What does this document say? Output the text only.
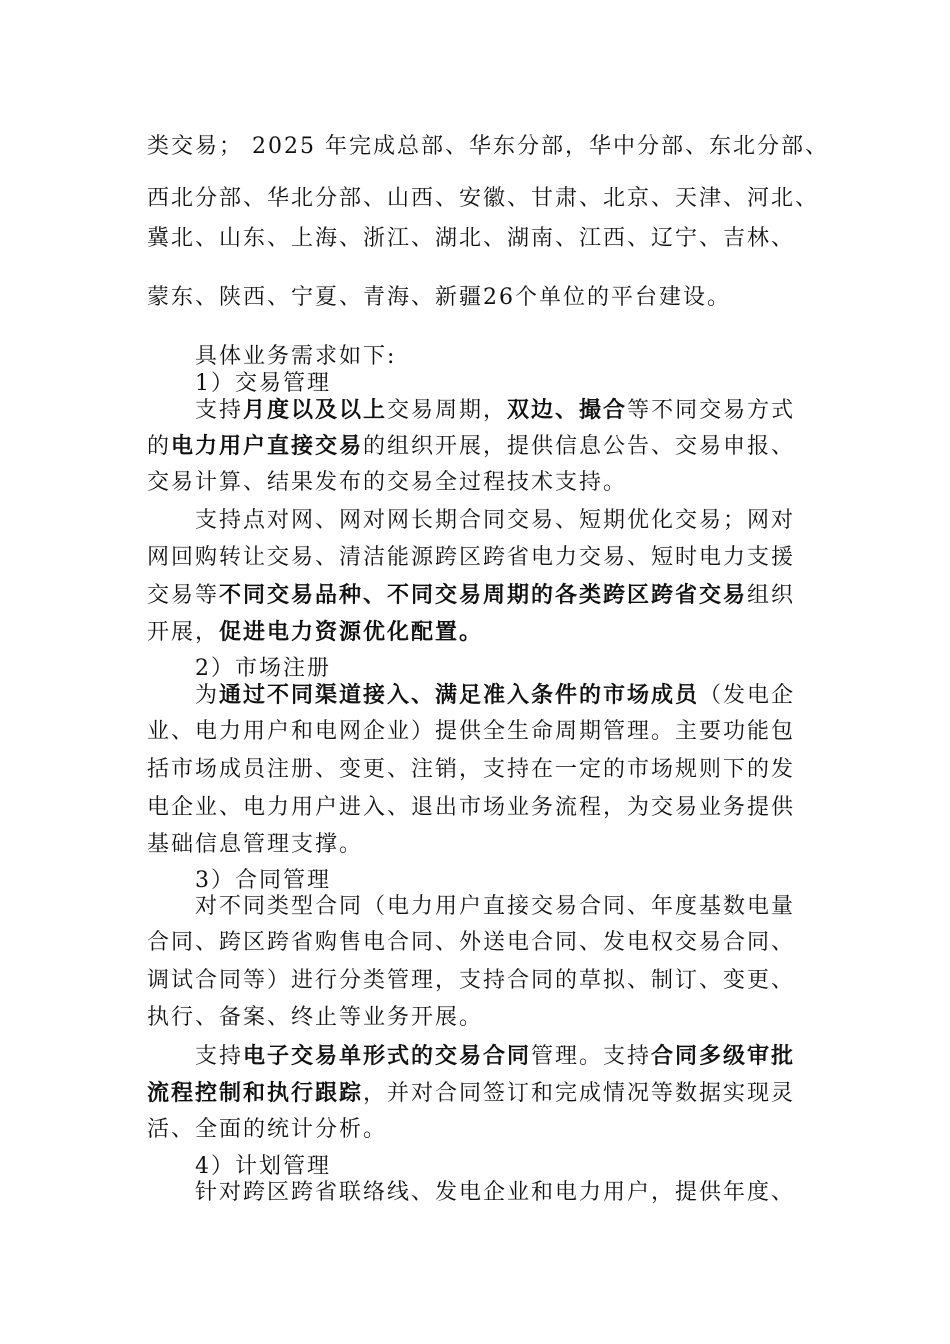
类交易； 2025 年完成总部、华东分部，华中分部、东北分部、
西北分部、华北分部、山西、安徽、甘肃、北京、天津、河北、
冀北、山东、上海、浙江、湖北、湖南、江西、辽宁、吉林、
蒙东、陕西、宁夏、青海、新疆26个单位的平台建设。
具体业务需求如下:
1）交易管理
支持月度以及以上交易周期，双边、撮合等不同交易方式
的电力用户直接交易的组织开展，提供信息公告、交易申报、
交易计算、结果发布的交易全过程技术支持。
支持点对网、网对网长期合同交易、短期优化交易；网对
网回购转让交易、清洁能源跨区跨省电力交易、短时电力支援
交易等不同交易品种、不同交易周期的各类跨区跨省交易组织
开展，促进电力资源优化配置。
2）市场注册
为通过不同渠道接入、满足准入条件的市场成员（发电企
业、电力用户和电网企业）提供全生命周期管理。主要功能包
括市场成员注册、变更、注销，支持在一定的市场规则下的发
电企业、电力用户进入、退出市场业务流程，为交易业务提供
基础信息管理支撑。
3）合同管理
对不同类型合同（电力用户直接交易合同、年度基数电量
合同、跨区跨省购售电合同、外送电合同、发电权交易合同、
调试合同等）进行分类管理，支持合同的草拟、制订、变更、
执行、备案、终止等业务开展。
支持电子交易单形式的交易合同管理。支持合同多级审批
流程控制和执行跟踪，并对合同签订和完成情况等数据实现灵
活、全面的统计分析。
4）计划管理
针对跨区跨省联络线、发电企业和电力用户，提供年度、
